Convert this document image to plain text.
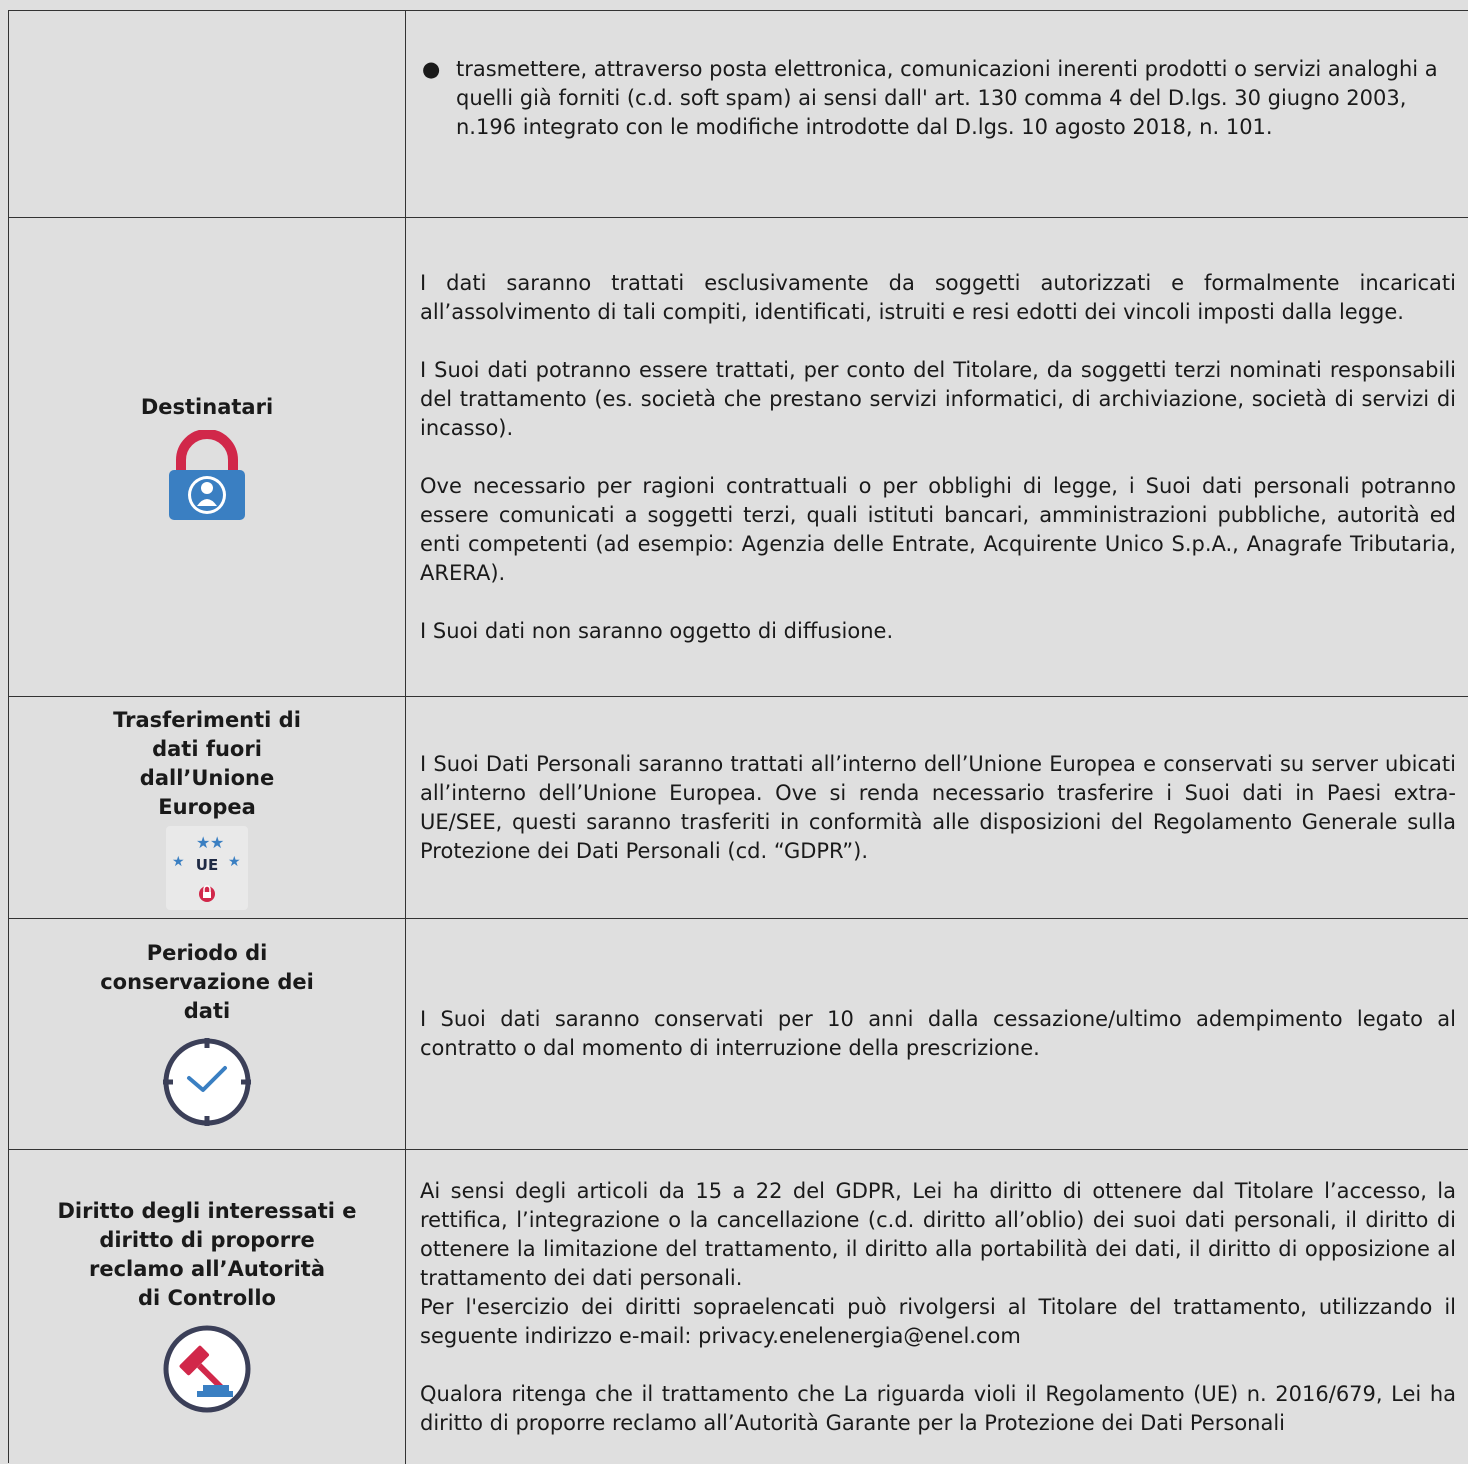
● trasmettere, attraverso posta elettronica, comunicazioni inerenti prodotti o servizi analoghi a quelli già forniti (c.d. soft spam) ai sensi dall' art. 130 comma 4 del D.lgs. 30 giugno 2003, n.196 integrato con le modifiche introdotte dal D.lgs. 10 agosto 2018, n. 101.
Destinatari

I dati saranno trattati esclusivamente da soggetti autorizzati e formalmente incaricati all’assolvimento di tali compiti, identificati, istruiti e resi edotti dei vincoli imposti dalla legge.

I Suoi dati potranno essere trattati, per conto del Titolare, da soggetti terzi nominati responsabili del trattamento (es. società che prestano servizi informatici, di archiviazione, società di servizi di incasso).

Ove necessario per ragioni contrattuali o per obblighi di legge, i Suoi dati personali potranno essere comunicati a soggetti terzi, quali istituti bancari, amministrazioni pubbliche, autorità ed enti competenti (ad esempio: Agenzia delle Entrate, Acquirente Unico S.p.A., Anagrafe Tributaria, ARERA).

I Suoi dati non saranno oggetto di diffusione.

Trasferimenti di
dati fuori
dall’Unione
Europea
★ ★
★	★
UE

I Suoi Dati Personali saranno trattati all’interno dell’Unione Europea e conservati su server ubicati all’interno dell’Unione Europea. Ove si renda necessario trasferire i Suoi dati in Paesi extra-UE/SEE, questi saranno trasferiti in conformità alle disposizioni del Regolamento Generale sulla Protezione dei Dati Personali (cd. “GDPR”).

Periodo di
conservazione dei
dati	I Suoi dati saranno conservati per 10 anni dalla cessazione/ultimo adempimento legato al contratto o dal momento di interruzione della prescrizione.

Diritto degli interessati e
diritto di proporre
reclamo all’Autorità
di Controllo

Ai sensi degli articoli da 15 a 22 del GDPR, Lei ha diritto di ottenere dal Titolare l’accesso, la rettifica, l’integrazione o la cancellazione (c.d. diritto all’oblio) dei suoi dati personali, il diritto di ottenere la limitazione del trattamento, il diritto alla portabilità dei dati, il diritto di opposizione al trattamento dei dati personali.

Per l'esercizio dei diritti sopraelencati può rivolgersi al Titolare del trattamento, utilizzando il seguente indirizzo e-mail: privacy.enelenergia@enel.com

Qualora ritenga che il trattamento che La riguarda violi il Regolamento (UE) n. 2016/679, Lei ha diritto di proporre reclamo all’Autorità Garante per la Protezione dei Dati Personali
